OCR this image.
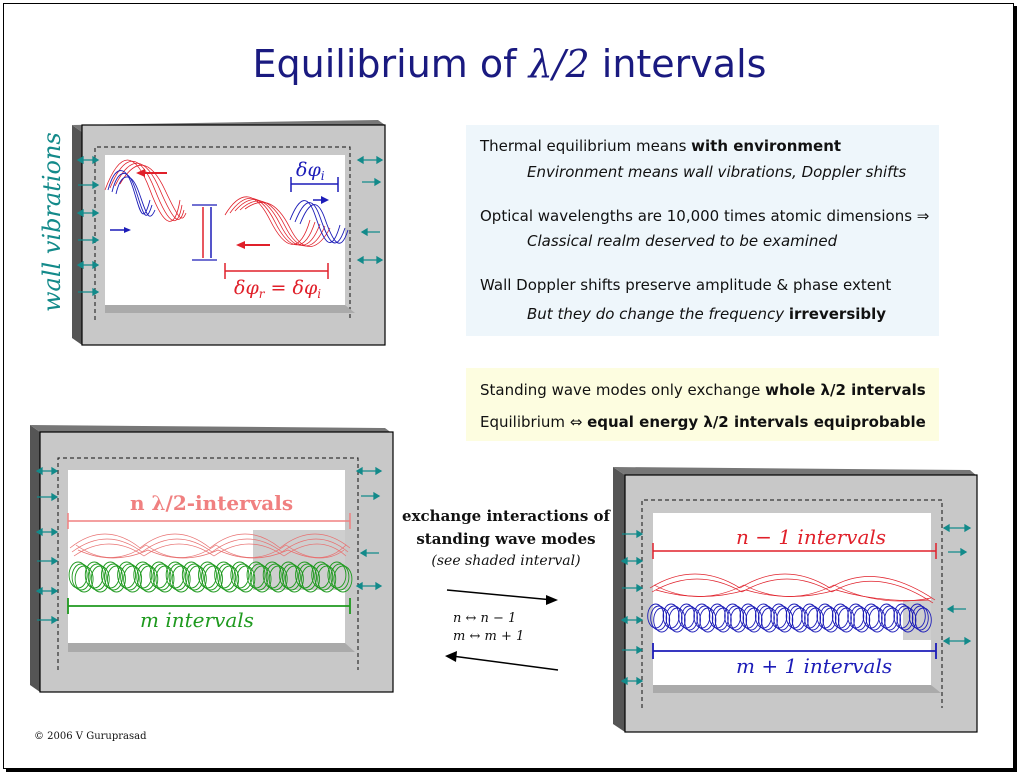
Equilibrium of λ/2 intervals
wall vibrations	$\delta\varphi_i$
$\delta\varphi_r = \delta\varphi_i$
Thermal equilibrium means with environment
Environment means wall vibrations, Doppler shifts
Optical wavelengths are 10,000 times atomic dimensions ⇒
Classical realm deserved to be examined
Wall Doppler shifts preserve amplitude & phase extent
But they do change the frequency irreversibly
Standing wave modes only exchange whole λ/2 intervals
Equilibrium ⇔ equal energy λ/2 intervals equiprobable
n λ/2-intervals
m intervals
n − 1 intervals
m + 1 intervals
exchange interactions of
standing wave modes
(see shaded interval)
n ↔ n − 1
m ↔ m + 1
© 2006 V Guruprasad
